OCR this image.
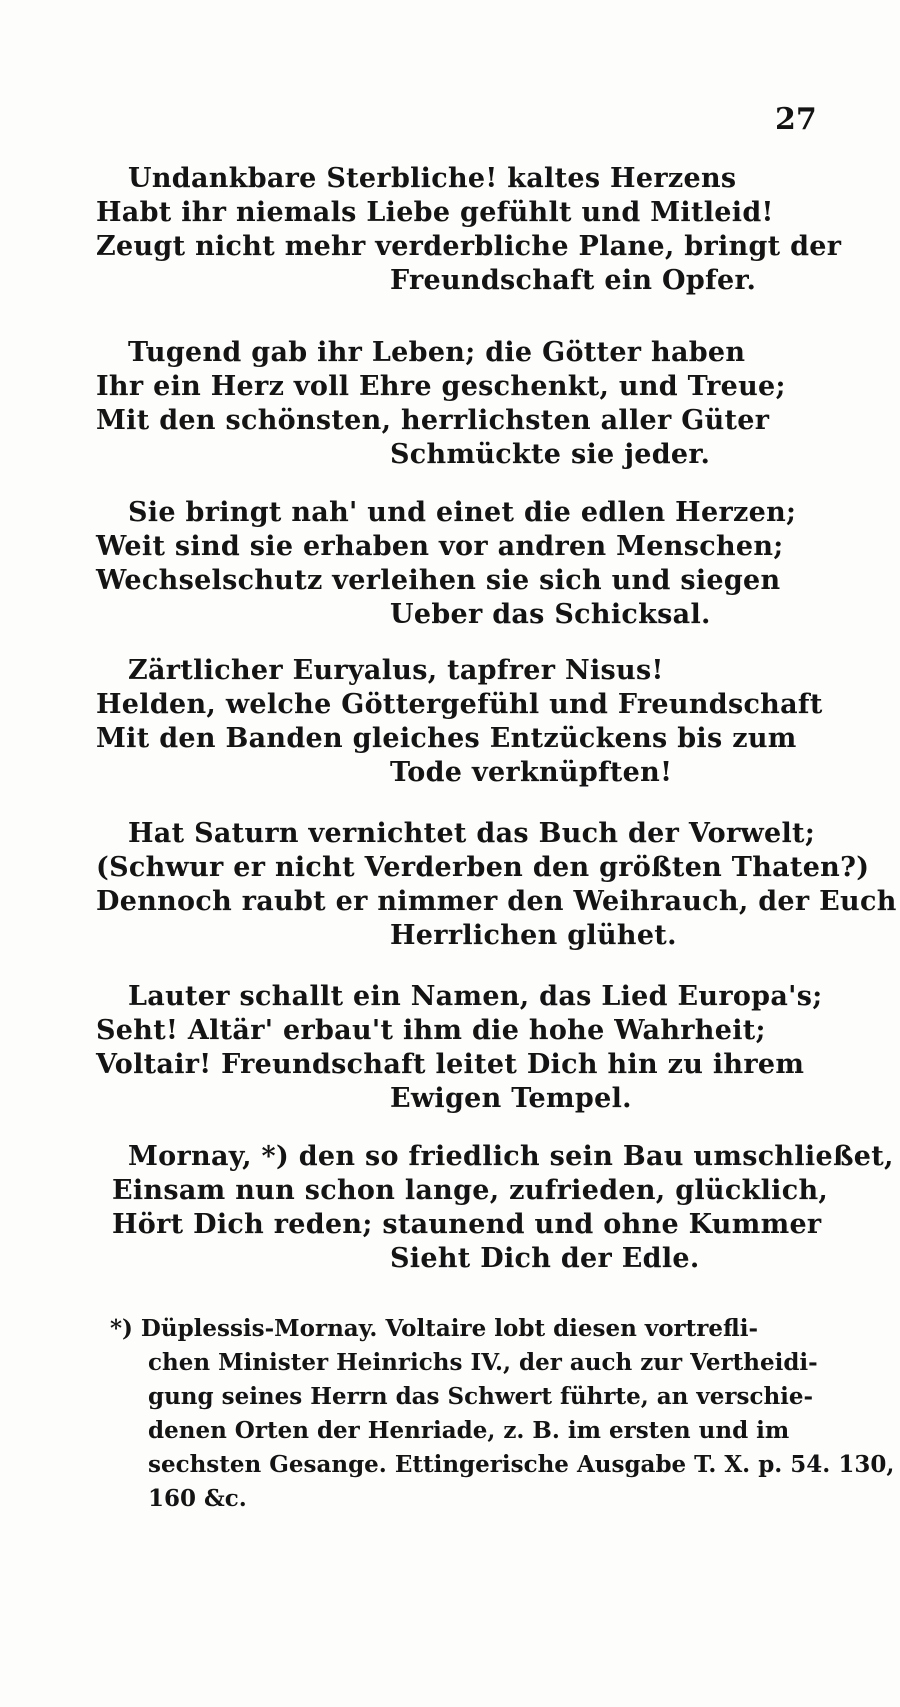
27
Undankbare Sterbliche! kaltes Herzens
Habt ihr niemals Liebe gefühlt und Mitleid!
Zeugt nicht mehr verderbliche Plane, bringt der
Freundschaft ein Opfer.
Tugend gab ihr Leben; die Götter haben
Ihr ein Herz voll Ehre geschenkt, und Treue;
Mit den schönsten, herrlichsten aller Güter
Schmückte sie jeder.
Sie bringt nah' und einet die edlen Herzen;
Weit sind sie erhaben vor andren Menschen;
Wechselschutz verleihen sie sich und siegen
Ueber das Schicksal.
Zärtlicher Euryalus, tapfrer Nisus!
Helden, welche Göttergefühl und Freundschaft
Mit den Banden gleiches Entzückens bis zum
Tode verknüpften!
Hat Saturn vernichtet das Buch der Vorwelt;
(Schwur er nicht Verderben den größten Thaten?)
Dennoch raubt er nimmer den Weihrauch, der Euch
Herrlichen glühet.
Lauter schallt ein Namen, das Lied Europa's;
Seht! Altär' erbau't ihm die hohe Wahrheit;
Voltair! Freundschaft leitet Dich hin zu ihrem
Ewigen Tempel.
Mornay, *) den so friedlich sein Bau umschließet,
Einsam nun schon lange, zufrieden, glücklich,
Hört Dich reden; staunend und ohne Kummer
Sieht Dich der Edle.
*) Düplessis-Mornay. Voltaire lobt diesen vortrefli-
chen Minister Heinrichs IV., der auch zur Vertheidi-
gung seines Herrn das Schwert führte, an verschie-
denen Orten der Henriade, z. B. im ersten und im
sechsten Gesange. Ettingerische Ausgabe T. X. p. 54. 130,
160 &c.
